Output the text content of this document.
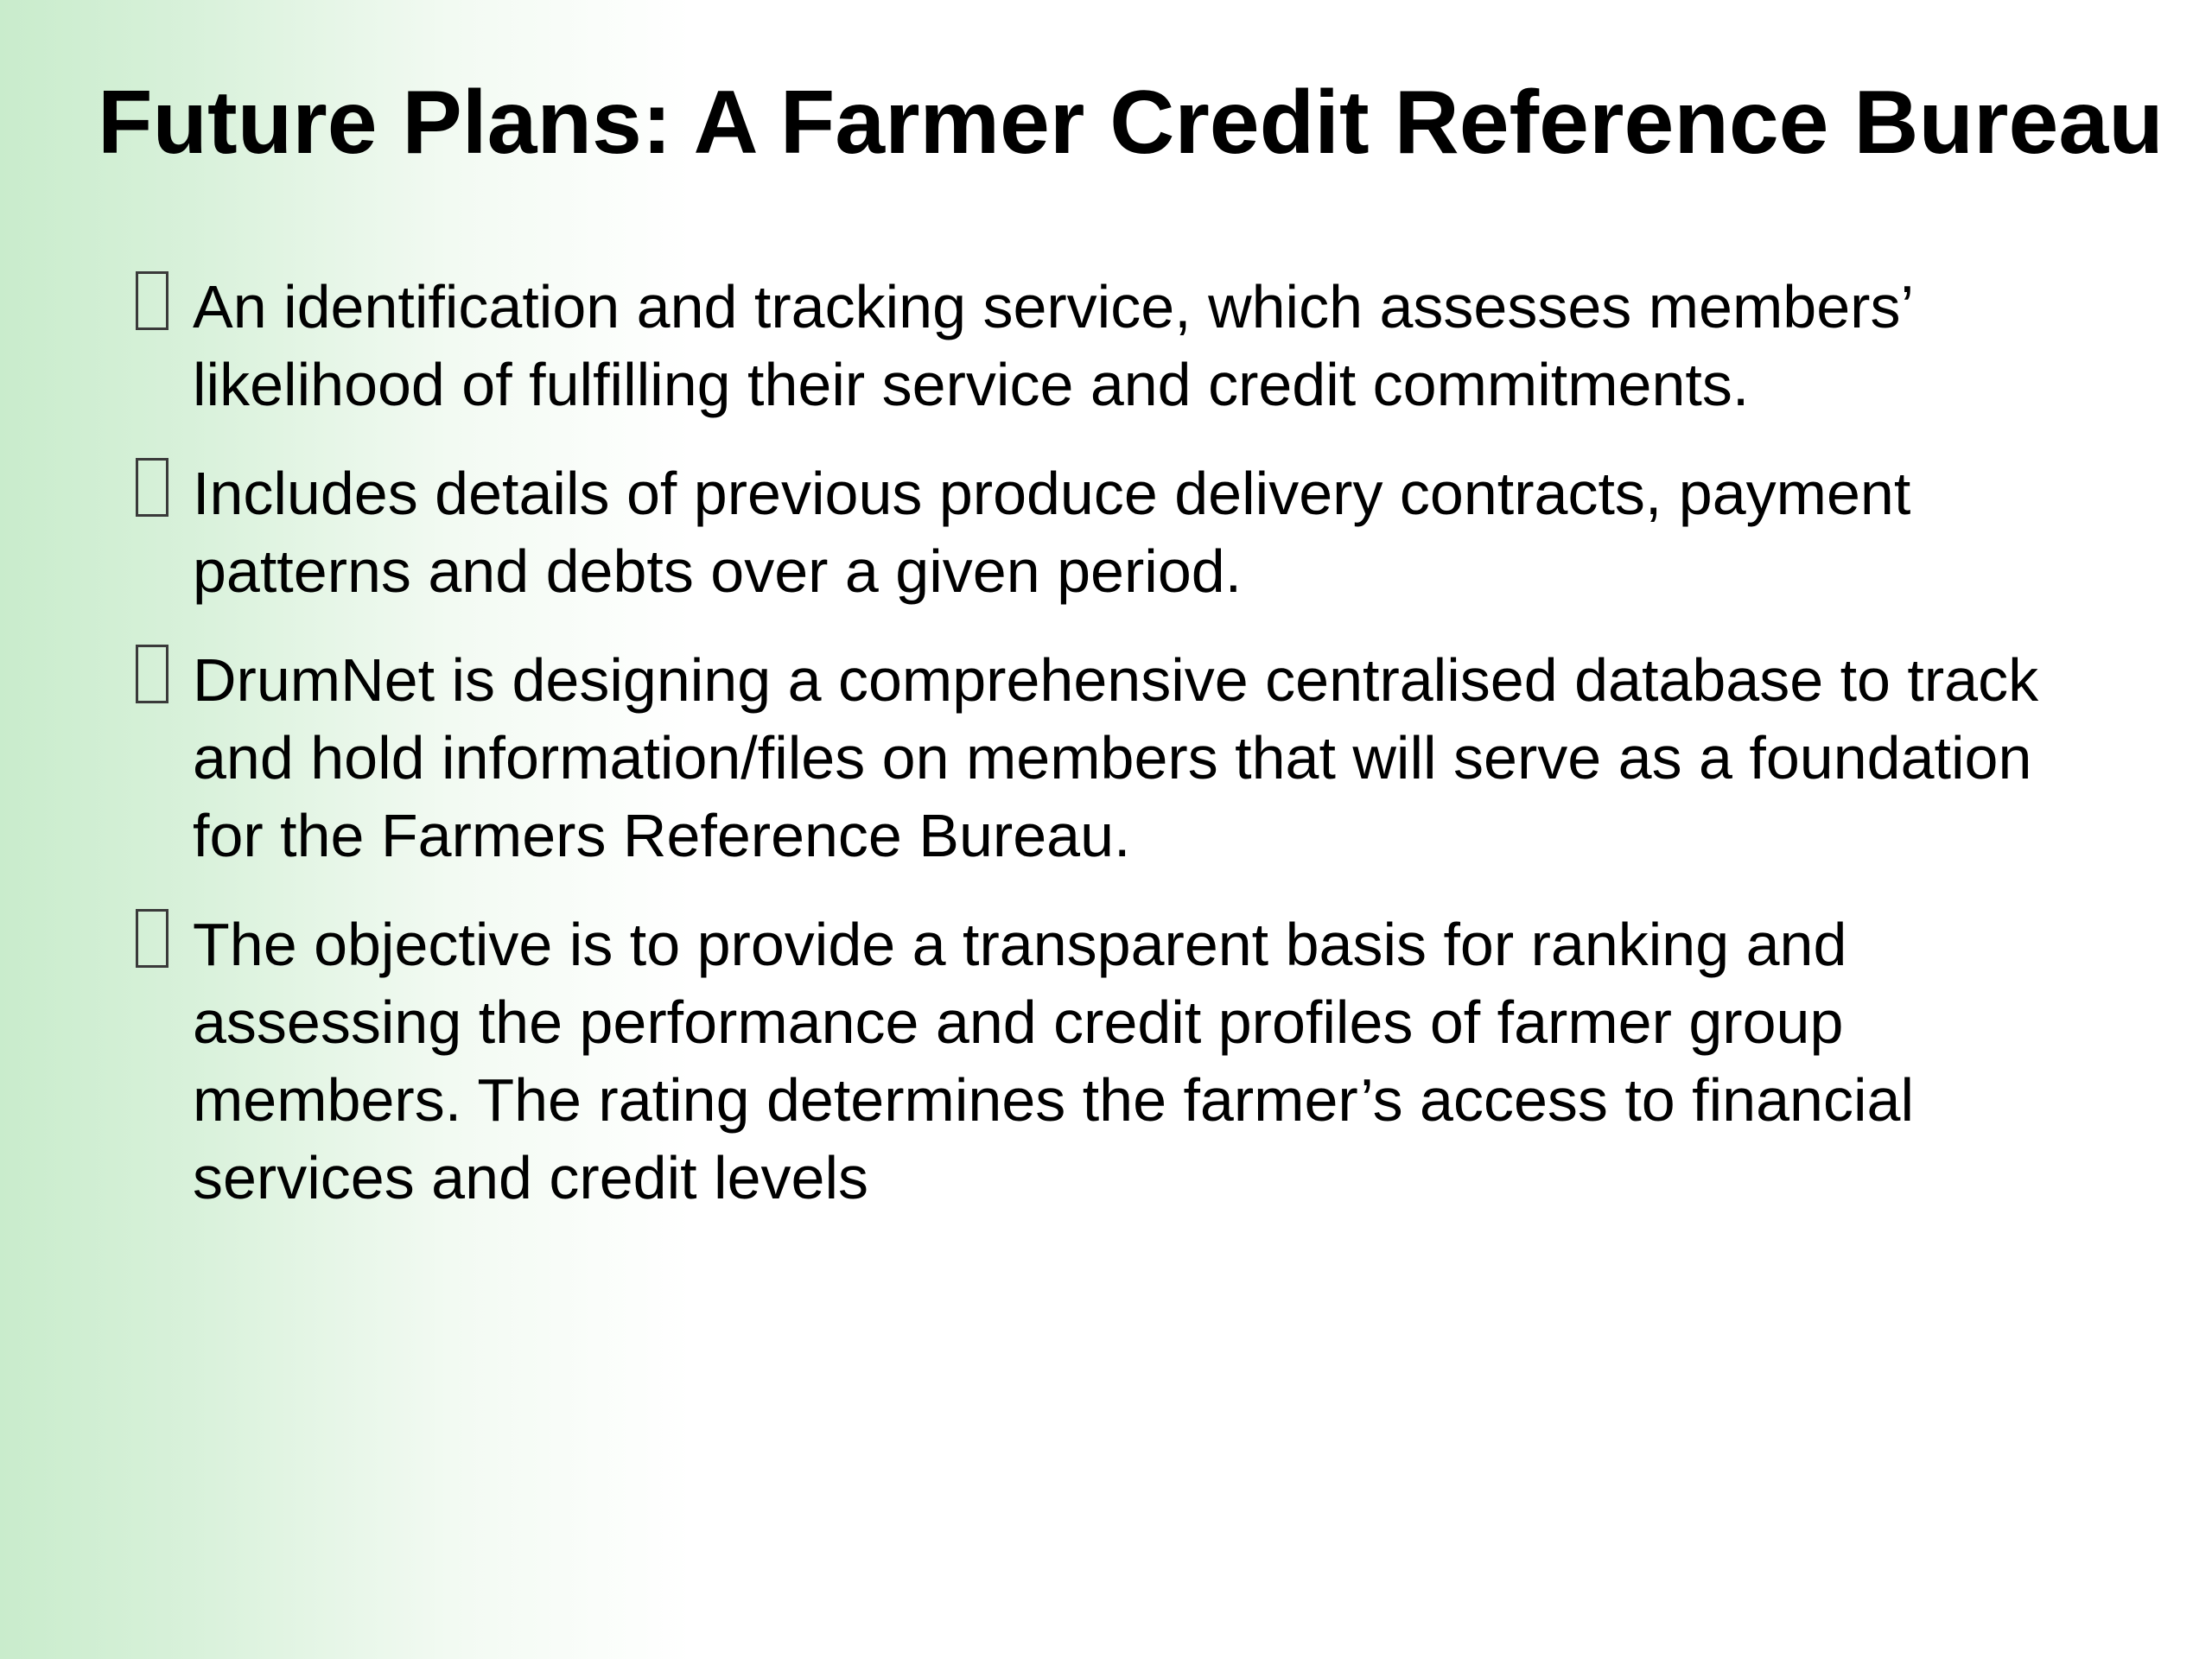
Future Plans: A Farmer Credit Reference Bureau
An identification and tracking service, which assesses members’ likelihood of fulfilling their service and credit commitments.
Includes details of previous produce delivery contracts, payment patterns and debts over a given period.
DrumNet is designing a comprehensive centralised database to track and hold information/files on members that will serve as a foundation for the Farmers Reference Bureau.
The objective is to provide a transparent basis for ranking and assessing the performance and credit profiles of farmer group members. The rating determines the farmer’s access to financial services and credit levels
